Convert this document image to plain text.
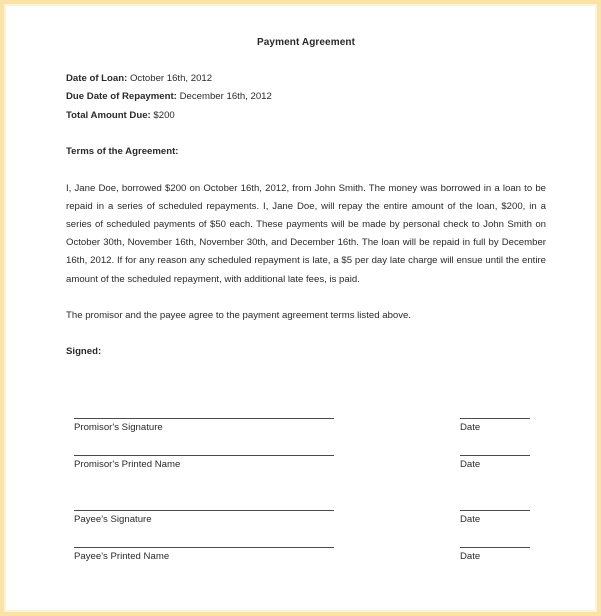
Payment Agreement

Date of Loan: October 16th, 2012
Due Date of Repayment: December 16th, 2012
Total Amount Due: $200
Terms of the Agreement:
I, Jane Doe, borrowed $200 on October 16th, 2012, from John Smith. The money was borrowed in a loan to be repaid in a series of scheduled repayments. I, Jane Doe, will repay the entire amount of the loan, $200, in a series of scheduled payments of $50 each. These payments will be made by personal check to John Smith on October 30th, November 16th, November 30th, and December 16th. The loan will be repaid in full by December 16th, 2012. If for any reason any scheduled repayment is late, a $5 per day late charge will ensue until the entire amount of the scheduled repayment, with additional late fees, is paid.
The promisor and the payee agree to the payment agreement terms listed above.
Signed:
Promisor's Signature	Date
Promisor's Printed Name	Date
Payee's Signature	Date
Payee's Printed Name	Date
